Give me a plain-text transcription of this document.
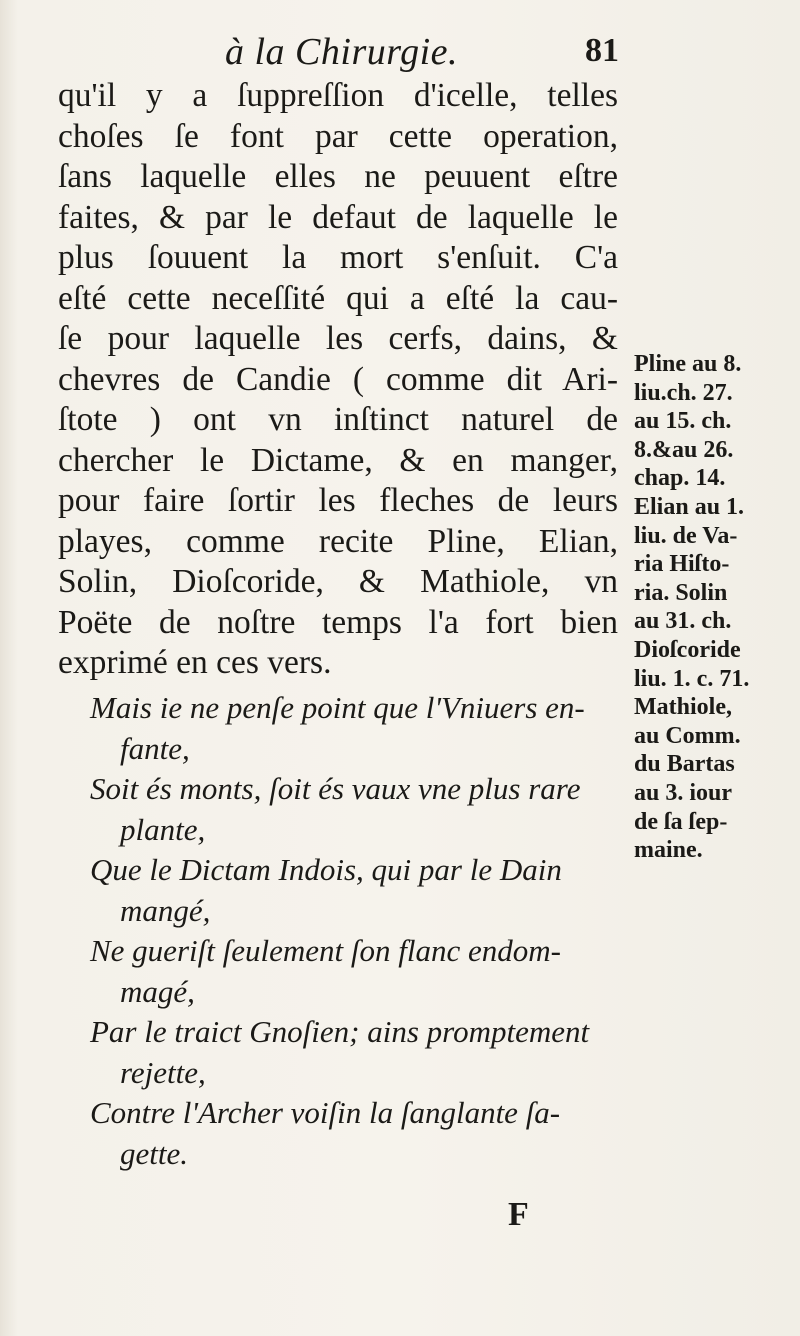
à la Chirurgie.	81

qu'il y a ſuppreſſion d'icelle, telles
choſes ſe font par cette operation,
ſans laquelle elles ne peuuent eſtre
faites, & par le defaut de laquelle le
plus ſouuent la mort s'enſuit. C'a
eſté cette neceſſité qui a eſté la cau-
ſe pour laquelle les cerfs, dains, &
chevres de Candie ( comme dit Ari-
ſtote ) ont vn inſtinct naturel de
chercher le Dictame, & en manger,
pour faire ſortir les fleches de leurs
playes, comme recite Pline, Elian,
Solin, Dioſcoride, & Mathiole, vn
Poëte de noſtre temps l'a fort bien
exprimé en ces vers.

Mais ie ne penſe point que l'Vniuers en-
fante,
Soit és monts, ſoit és vaux vne plus rare
plante,
Que le Dictam Indois, qui par le Dain
mangé,
Ne gueriſt ſeulement ſon flanc endom-
magé,
Par le traict Gnoſien; ains promptement
rejette,
Contre l'Archer voiſin la ſanglante ſa-
gette.
Pline au 8.
liu.ch. 27.
au 15. ch.
8.&au 26.
chap. 14.
Elian au 1.
liu. de Va-
ria Hiſto-
ria. Solin
au 31. ch.
Dioſcoride
liu. 1. c. 71.
Mathiole,
au Comm.
du Bartas
au 3. iour
de ſa ſep-
maine.
F
